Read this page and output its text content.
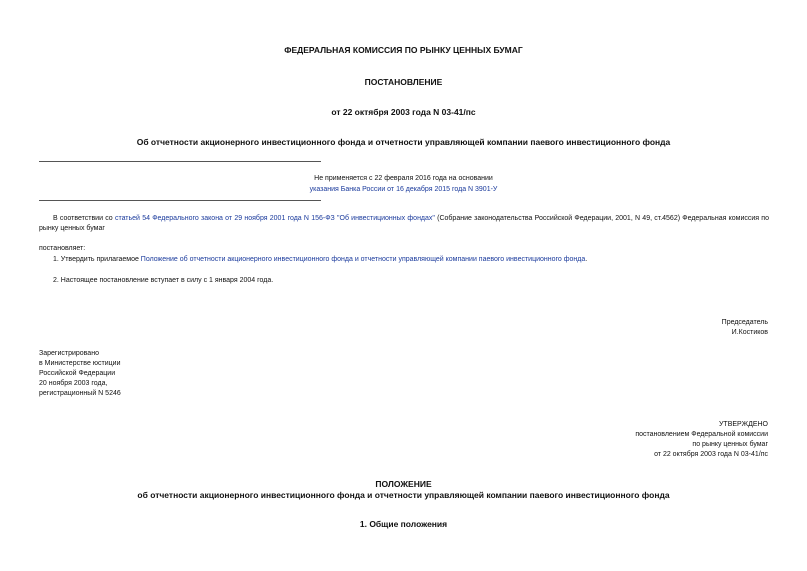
ФЕДЕРАЛЬНАЯ КОМИССИЯ ПО РЫНКУ ЦЕННЫХ БУМАГ
ПОСТАНОВЛЕНИЕ
от 22 октября 2003 года N 03-41/пс
Об отчетности акционерного инвестиционного фонда и отчетности управляющей компании паевого инвестиционного фонда
Не применяется с 22 февраля 2016 года на основании
указания Банка России от 16 декабря 2015 года N 3901-У
В соответствии со статьей 54 Федерального закона от 29 ноября 2001 года N 156-ФЗ "Об инвестиционных фондах" (Собрание законодательства Российской Федерации, 2001, N 49, ст.4562) Федеральная комиссия по рынку ценных бумаг
постановляет:
1. Утвердить прилагаемое Положение об отчетности акционерного инвестиционного фонда и отчетности управляющей компании паевого инвестиционного фонда.
2. Настоящее постановление вступает в силу с 1 января 2004 года.

Председатель

И.Костиков

Зарегистрировано

в Министерстве юстиции

Российской Федерации

20 ноября 2003 года,

регистрационный N 5246

УТВЕРЖДЕНО

постановлением Федеральной комиссии

по рынку ценных бумаг

от 22 октября 2003 года N 03-41/пс

ПОЛОЖЕНИЕ
об отчетности акционерного инвестиционного фонда и отчетности управляющей компании паевого инвестиционного фонда
1. Общие положения
